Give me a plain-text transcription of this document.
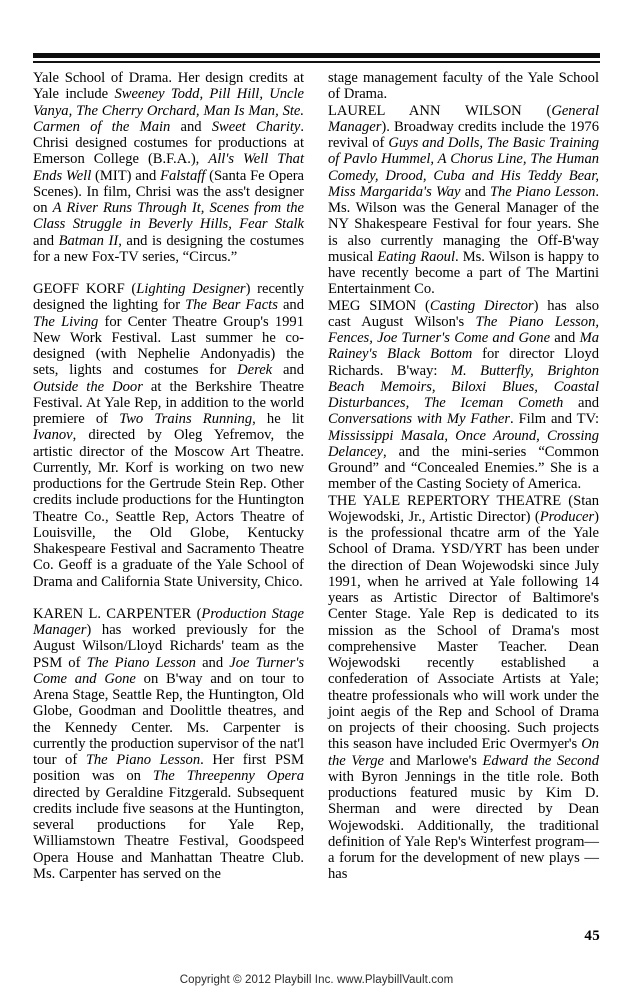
Yale School of Drama. Her design credits at Yale include Sweeney Todd, Pill Hill, Uncle Vanya, The Cherry Orchard, Man Is Man, Ste. Carmen of the Main and Sweet Charity. Chrisi designed costumes for productions at Emerson College (B.F.A.), All's Well That Ends Well (MIT) and Falstaff (Santa Fe Opera Scenes). In film, Chrisi was the ass't designer on A River Runs Through It, Scenes from the Class Struggle in Beverly Hills, Fear Stalk and Batman II, and is designing the costumes for a new Fox-TV series, “Circus.”

GEOFF KORF (Lighting Designer) recently designed the lighting for The Bear Facts and The Living for Center Theatre Group's 1991 New Work Festival. Last summer he co-designed (with Nephelie Andonyadis) the sets, lights and costumes for Derek and Outside the Door at the Berkshire Theatre Festival. At Yale Rep, in addition to the world premiere of Two Trains Running, he lit Ivanov, directed by Oleg Yefremov, the artistic director of the Moscow Art Theatre. Currently, Mr. Korf is working on two new productions for the Gertrude Stein Rep. Other credits include productions for the Huntington Theatre Co., Seattle Rep, Actors Theatre of Louisville, the Old Globe, Kentucky Shakespeare Festival and Sacramento Theatre Co. Geoff is a graduate of the Yale School of Drama and California State University, Chico.

KAREN L. CARPENTER (Production Stage Manager) has worked previously for the August Wilson/Lloyd Richards' team as the PSM of The Piano Lesson and Joe Turner's Come and Gone on B'way and on tour to Arena Stage, Seattle Rep, the Huntington, Old Globe, Goodman and Doolittle theatres, and the Kennedy Center. Ms. Carpenter is currently the production supervisor of the nat'l tour of The Piano Lesson. Her first PSM position was on The Threepenny Opera directed by Geraldine Fitzgerald. Subsequent credits include five seasons at the Huntington, several productions for Yale Rep, Williamstown Theatre Festival, Goodspeed Opera House and Manhattan Theatre Club. Ms. Carpenter has served on the

stage management faculty of the Yale School of Drama.

LAUREL ANN WILSON (General Manager). Broadway credits include the 1976 revival of Guys and Dolls, The Basic Training of Pavlo Hummel, A Chorus Line, The Human Comedy, Drood, Cuba and His Teddy Bear, Miss Margarida's Way and The Piano Lesson. Ms. Wilson was the General Manager of the NY Shakespeare Festival for four years. She is also currently managing the Off-B'way musical Eating Raoul. Ms. Wilson is happy to have recently become a part of The Martini Entertainment Co.

MEG SIMON (Casting Director) has also cast August Wilson's The Piano Lesson, Fences, Joe Turner's Come and Gone and Ma Rainey's Black Bottom for director Lloyd Richards. B'way: M. Butterfly, Brighton Beach Memoirs, Biloxi Blues, Coastal Disturbances, The Iceman Cometh and Conversations with My Father. Film and TV: Mississippi Masala, Once Around, Crossing Delancey, and the mini-series “Common Ground” and “Concealed Enemies.” She is a member of the Casting Society of America.

THE YALE REPERTORY THEATRE (Stan Wojewodski, Jr., Artistic Director) (Producer) is the professional thcatre arm of the Yale School of Drama. YSD/YRT has been under the direction of Dean Wojewodski since July 1991, when he arrived at Yale following 14 years as Artistic Director of Baltimore's Center Stage. Yale Rep is dedicated to its mission as the School of Drama's most comprehensive Master Teacher. Dean Wojewodski recently established a confederation of Associate Artists at Yale; theatre professionals who will work under the joint aegis of the Rep and School of Drama on projects of their choosing. Such projects this season have included Eric Overmyer's On the Verge and Marlowe's Edward the Second with Byron Jennings in the title role. Both productions featured music by Kim D. Sherman and were directed by Dean Wojewodski. Additionally, the traditional definition of Yale Rep's Winterfest program—a forum for the development of new plays — has

45
Copyright © 2012 Playbill Inc. www.PlaybillVault.com
